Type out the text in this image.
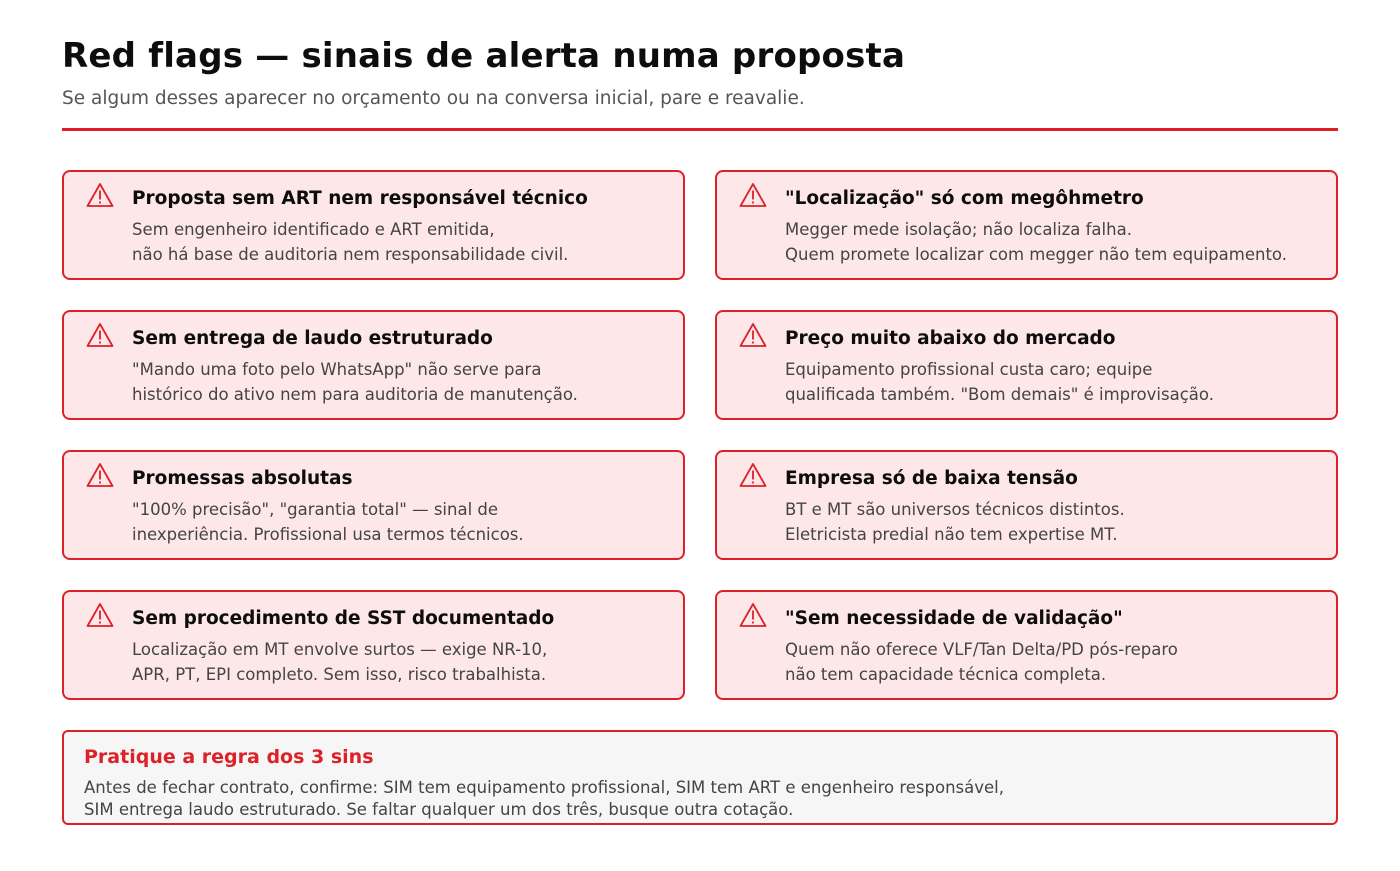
Red flags — sinais de alerta numa proposta

Se algum desses aparecer no orçamento ou na conversa inicial, pare e reavalie.

Proposta sem ART nem responsável técnico
Sem engenheiro identificado e ART emitida,
não há base de auditoria nem responsabilidade civil.
"Localização" só com megôhmetro
Megger mede isolação; não localiza falha.
Quem promete localizar com megger não tem equipamento.
Sem entrega de laudo estruturado
"Mando uma foto pelo WhatsApp" não serve para
histórico do ativo nem para auditoria de manutenção.
Preço muito abaixo do mercado
Equipamento profissional custa caro; equipe
qualificada também. "Bom demais" é improvisação.
Promessas absolutas
"100% precisão", "garantia total" — sinal de
inexperiência. Profissional usa termos técnicos.
Empresa só de baixa tensão
BT e MT são universos técnicos distintos.
Eletricista predial não tem expertise MT.
Sem procedimento de SST documentado
Localização em MT envolve surtos — exige NR-10,
APR, PT, EPI completo. Sem isso, risco trabalhista.
"Sem necessidade de validação"
Quem não oferece VLF/Tan Delta/PD pós-reparo
não tem capacidade técnica completa.
Pratique a regra dos 3 sins
Antes de fechar contrato, confirme: SIM tem equipamento profissional, SIM tem ART e engenheiro responsável,
SIM entrega laudo estruturado. Se faltar qualquer um dos três, busque outra cotação.
